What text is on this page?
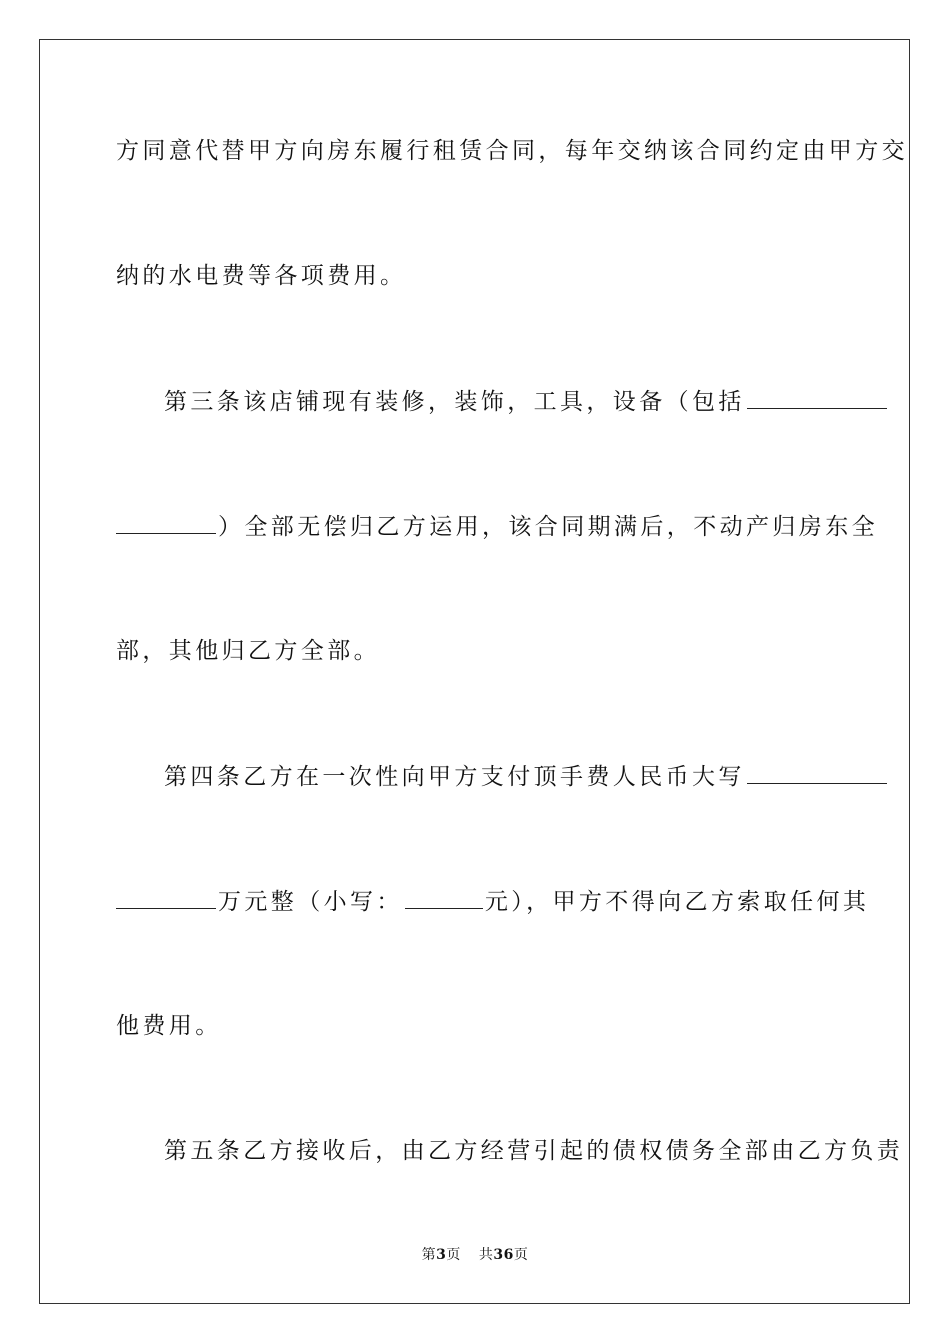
方同意代替甲方向房东履行租赁合同，每年交纳该合同约定由甲方交
纳的水电费等各项费用。
第三条该店铺现有装修，装饰，工具，设备（包括
）全部无偿归乙方运用，该合同期满后，不动产归房东全
部，其他归乙方全部。
第四条乙方在一次性向甲方支付顶手费人民币大写
万元整（小写：	元），甲方不得向乙方索取任何其
他费用。
第五条乙方接收后，由乙方经营引起的债权债务全部由乙方负责
第3页 共36页
